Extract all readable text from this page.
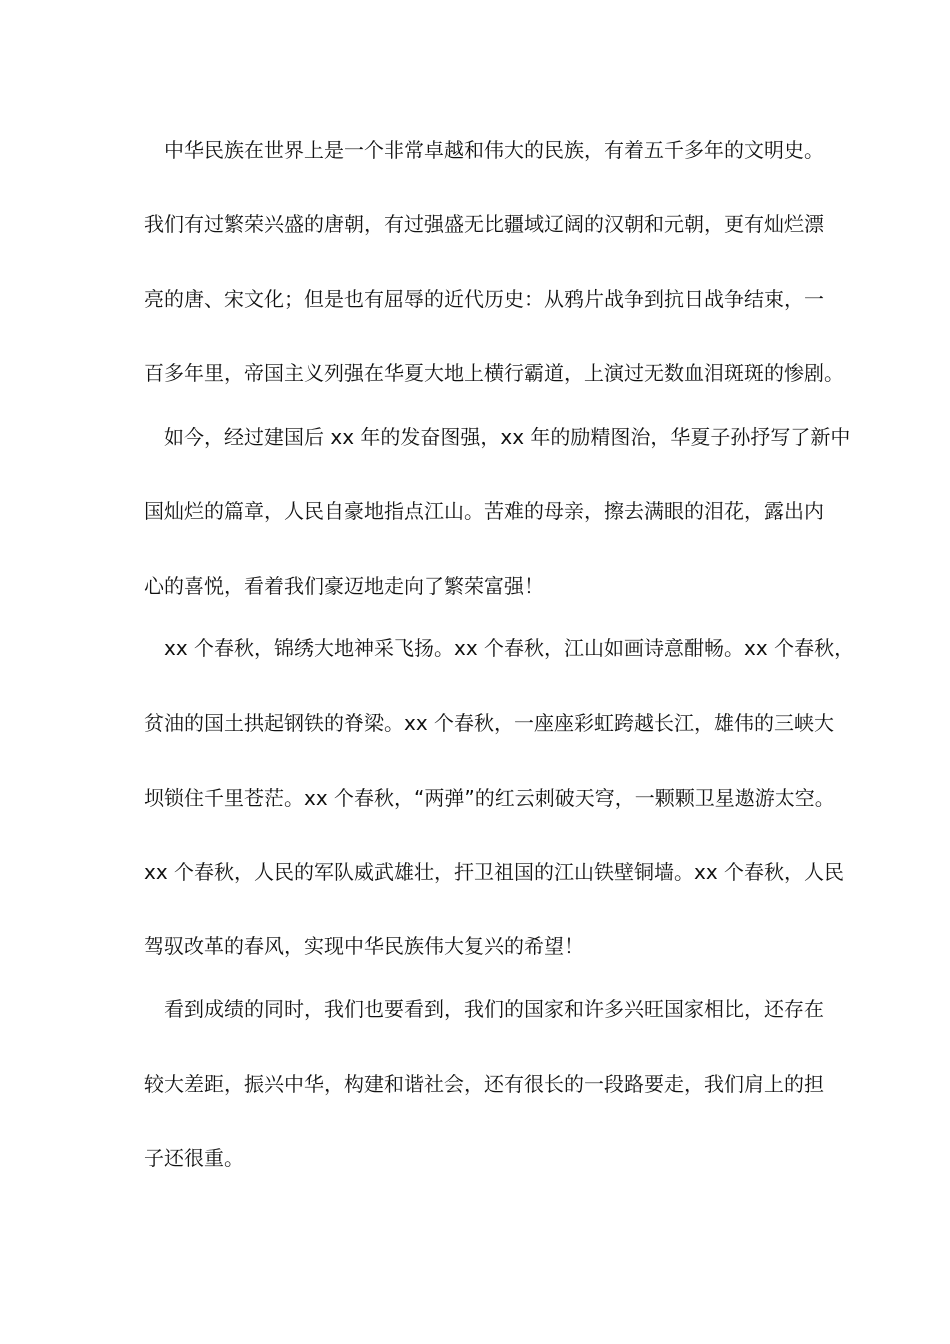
中华民族在世界上是一个非常卓越和伟大的民族，有着五千多年的文明史。
我们有过繁荣兴盛的唐朝，有过强盛无比疆域辽阔的汉朝和元朝，更有灿烂漂
亮的唐、宋文化；但是也有屈辱的近代历史：从鸦片战争到抗日战争结束，一
百多年里，帝国主义列强在华夏大地上横行霸道，上演过无数血泪斑斑的惨剧。
如今，经过建国后 xx 年的发奋图强，xx 年的励精图治，华夏子孙抒写了新中
国灿烂的篇章，人民自豪地指点江山。苦难的母亲，擦去满眼的泪花，露出内
心的喜悦，看着我们豪迈地走向了繁荣富强！
xx 个春秋，锦绣大地神采飞扬。xx 个春秋，江山如画诗意酣畅。xx 个春秋，
贫油的国土拱起钢铁的脊梁。xx 个春秋，一座座彩虹跨越长江，雄伟的三峡大
坝锁住千里苍茫。xx 个春秋，“两弹”的红云刺破天穹，一颗颗卫星遨游太空。
xx 个春秋，人民的军队威武雄壮，扞卫祖国的江山铁壁铜墙。xx 个春秋，人民
驾驭改革的春风，实现中华民族伟大复兴的希望！
看到成绩的同时，我们也要看到，我们的国家和许多兴旺国家相比，还存在
较大差距，振兴中华，构建和谐社会，还有很长的一段路要走，我们肩上的担
子还很重。
